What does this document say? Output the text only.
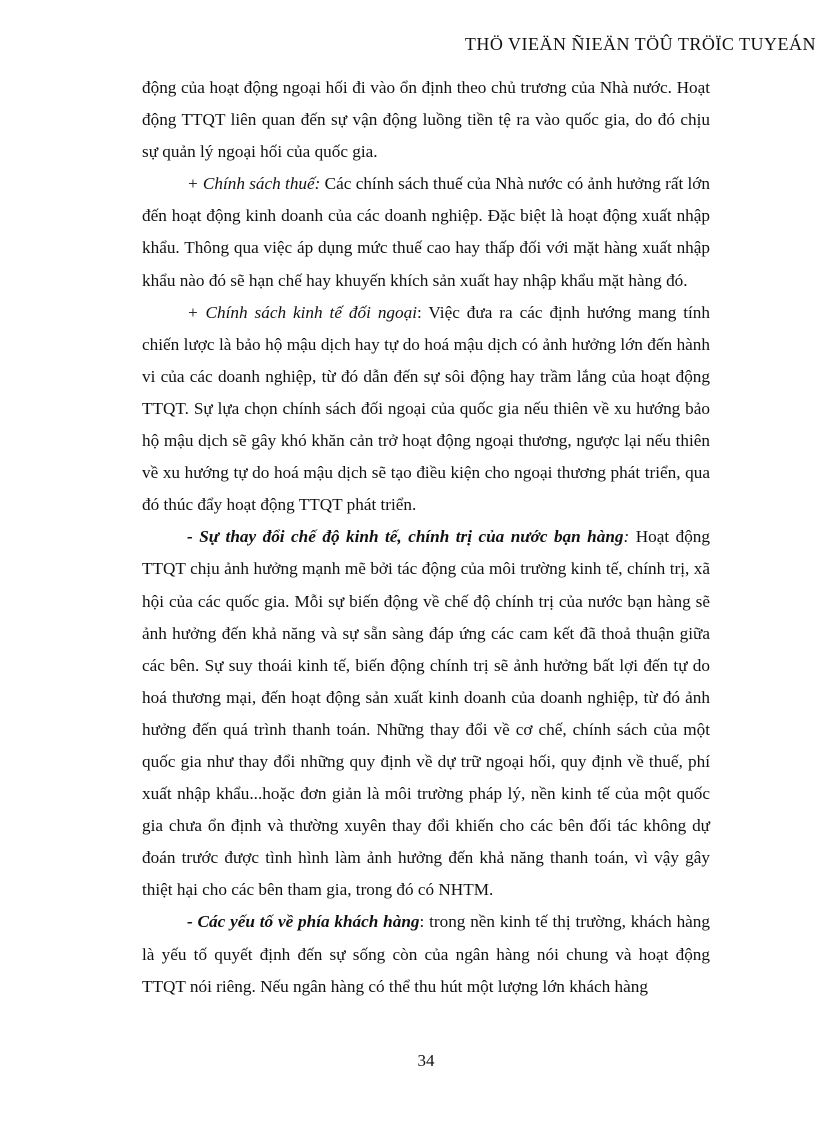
THÖ VIEÄN ÑIEÄN TÖÛ TRÖÏC TUYEÁN

động của hoạt động ngoại hối đi vào ổn định theo chủ trương của Nhà nước. Hoạt động TTQT liên quan đến sự vận động luồng tiền tệ ra vào quốc gia, do đó chịu sự quản lý ngoại hối của quốc gia.

+ Chính sách thuế: Các chính sách thuế của Nhà nước có ảnh hưởng rất lớn đến hoạt động kinh doanh của các doanh nghiệp. Đặc biệt là hoạt động xuất nhập khẩu. Thông qua việc áp dụng mức thuế cao hay thấp đối với mặt hàng xuất nhập khẩu nào đó sẽ hạn chế hay khuyến khích sản xuất hay nhập khẩu mặt hàng đó.

+ Chính sách kinh tế đối ngoại: Việc đưa ra các định hướng mang tính chiến lược là bảo hộ mậu dịch hay tự do hoá mậu dịch có ảnh hưởng lớn đến hành vi của các doanh nghiệp, từ đó dẫn đến sự sôi động hay trầm lắng của hoạt động TTQT. Sự lựa chọn chính sách đối ngoại của quốc gia nếu thiên về xu hướng bảo hộ mậu dịch sẽ gây khó khăn cản trở hoạt động ngoại thương, ngược lại nếu thiên về xu hướng tự do hoá mậu dịch sẽ tạo điều kiện cho ngoại thương phát triển, qua đó thúc đẩy hoạt động TTQT phát triển.

- Sự thay đổi chế độ kinh tế, chính trị của nước bạn hàng: Hoạt động TTQT chịu ảnh hưởng mạnh mẽ bởi tác động của môi trường kinh tế, chính trị, xã hội của các quốc gia. Mỗi sự biến động về chế độ chính trị của nước bạn hàng sẽ ảnh hưởng đến khả năng và sự sẵn sàng đáp ứng các cam kết đã thoả thuận giữa các bên. Sự suy thoái kinh tế, biến động chính trị sẽ ảnh hưởng bất lợi đến tự do hoá thương mại, đến hoạt động sản xuất kinh doanh của doanh nghiệp, từ đó ảnh hưởng đến quá trình thanh toán. Những thay đổi về cơ chế, chính sách của một quốc gia như thay đổi những quy định về dự trữ ngoại hối, quy định về thuế, phí xuất nhập khẩu...hoặc đơn giản là môi trường pháp lý, nền kinh tế của một quốc gia chưa ổn định và thường xuyên thay đổi khiến cho các bên đối tác không dự đoán trước được tình hình làm ảnh hưởng đến khả năng thanh toán, vì vậy gây thiệt hại cho các bên tham gia, trong đó có NHTM.

- Các yếu tố về phía khách hàng: trong nền kinh tế thị trường, khách hàng là yếu tố quyết định đến sự sống còn của ngân hàng nói chung và hoạt động TTQT nói riêng. Nếu ngân hàng có thể thu hút một lượng lớn khách hàng

34
